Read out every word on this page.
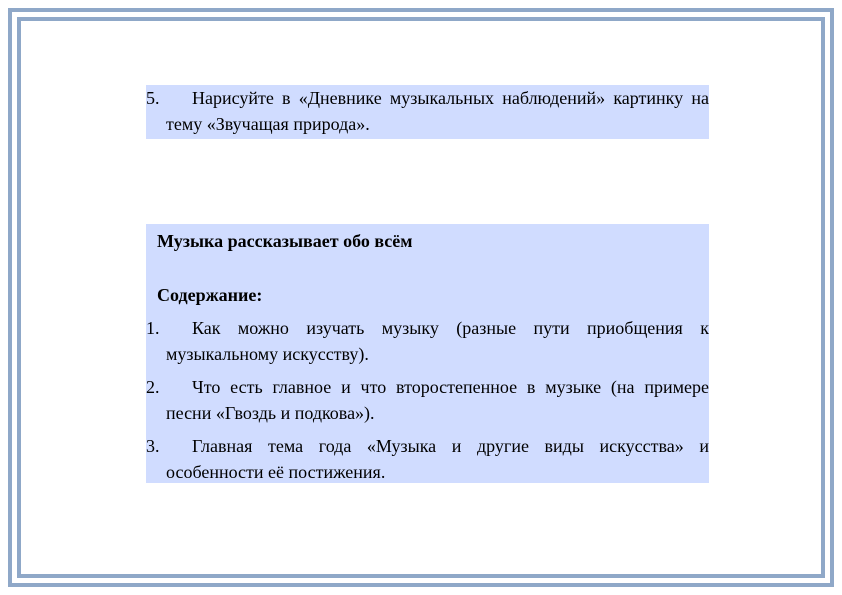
5.	Нарисуйте в «Дневнике музыкальных наблюдений» картинку на тему «Звучащая природа».
Музыка рассказывает обо всём
Содержание:
1.	Как можно изучать музыку (разные пути приобщения к музыкальному искусству).
2.	Что есть главное и что второстепенное в музыке (на примере песни «Гвоздь и подкова»).
3.	Главная тема года «Музыка и другие виды искусства» и особенности её постижения.
